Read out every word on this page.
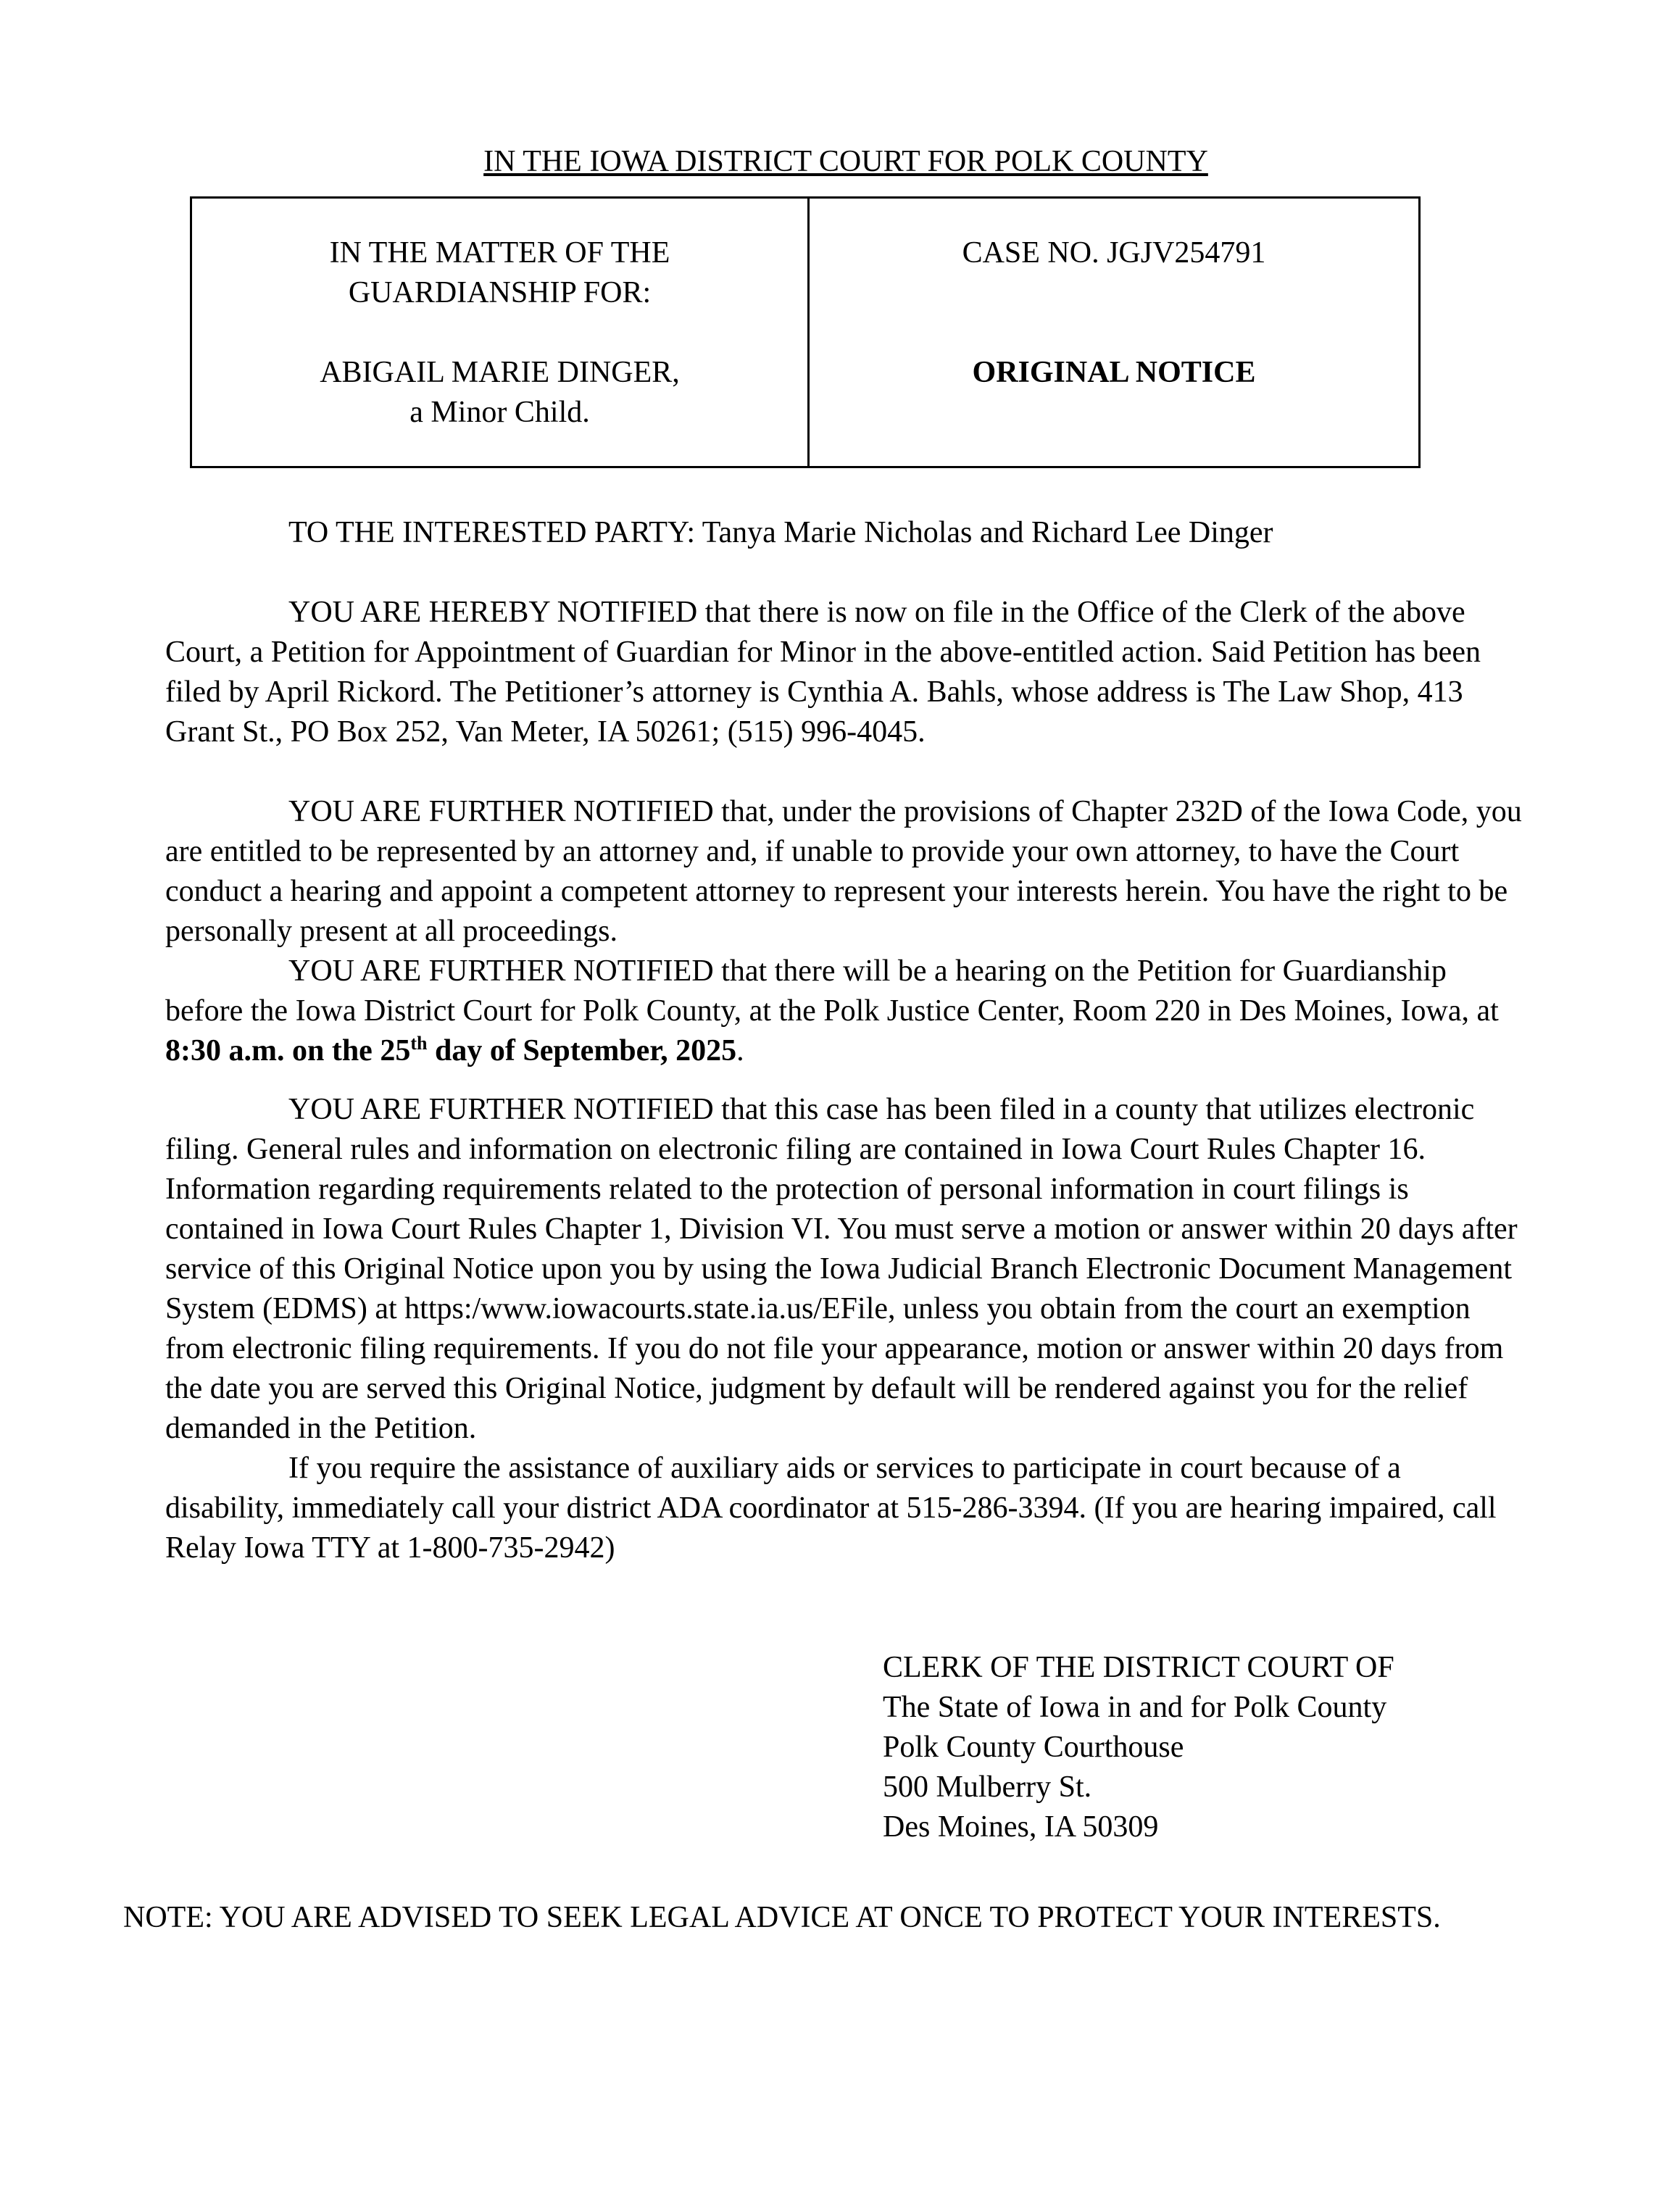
IN THE IOWA DISTRICT COURT FOR POLK COUNTY
IN THE MATTER OF THE
GUARDIANSHIP FOR:
ABIGAIL MARIE DINGER,
a Minor Child.
CASE NO. JGJV254791
ORIGINAL NOTICE
TO THE INTERESTED PARTY: Tanya Marie Nicholas and Richard Lee Dinger
YOU ARE HEREBY NOTIFIED that there is now on file in the Office of the Clerk of the above Court, a Petition for Appointment of Guardian for Minor in the above-entitled action. Said Petition has been filed by April Rickord. The Petitioner’s attorney is Cynthia A. Bahls, whose address is The Law Shop, 413 Grant St., PO Box 252, Van Meter, IA 50261; (515) 996-4045.
YOU ARE FURTHER NOTIFIED that, under the provisions of Chapter 232D of the Iowa Code, you are entitled to be represented by an attorney and, if unable to provide your own attorney, to have the Court conduct a hearing and appoint a competent attorney to represent your interests herein. You have the right to be personally present at all proceedings.
YOU ARE FURTHER NOTIFIED that there will be a hearing on the Petition for Guardianship before the Iowa District Court for Polk County, at the Polk Justice Center, Room 220 in Des Moines, Iowa, at 8:30 a.m. on the 25th day of September, 2025.
YOU ARE FURTHER NOTIFIED that this case has been filed in a county that utilizes electronic filing. General rules and information on electronic filing are contained in Iowa Court Rules Chapter 16. Information regarding requirements related to the protection of personal information in court filings is contained in Iowa Court Rules Chapter 1, Division VI. You must serve a motion or answer within 20 days after service of this Original Notice upon you by using the Iowa Judicial Branch Electronic Document Management System (EDMS) at https:/www.iowacourts.state.ia.us/EFile, unless you obtain from the court an exemption from electronic filing requirements. If you do not file your appearance, motion or answer within 20 days from the date you are served this Original Notice, judgment by default will be rendered against you for the relief demanded in the Petition.
If you require the assistance of auxiliary aids or services to participate in court because of a disability, immediately call your district ADA coordinator at 515-286-3394. (If you are hearing impaired, call Relay Iowa TTY at 1-800-735-2942)
CLERK OF THE DISTRICT COURT OF
The State of Iowa in and for Polk County
Polk County Courthouse
500 Mulberry St.
Des Moines, IA 50309
NOTE: YOU ARE ADVISED TO SEEK LEGAL ADVICE AT ONCE TO PROTECT YOUR INTERESTS.
